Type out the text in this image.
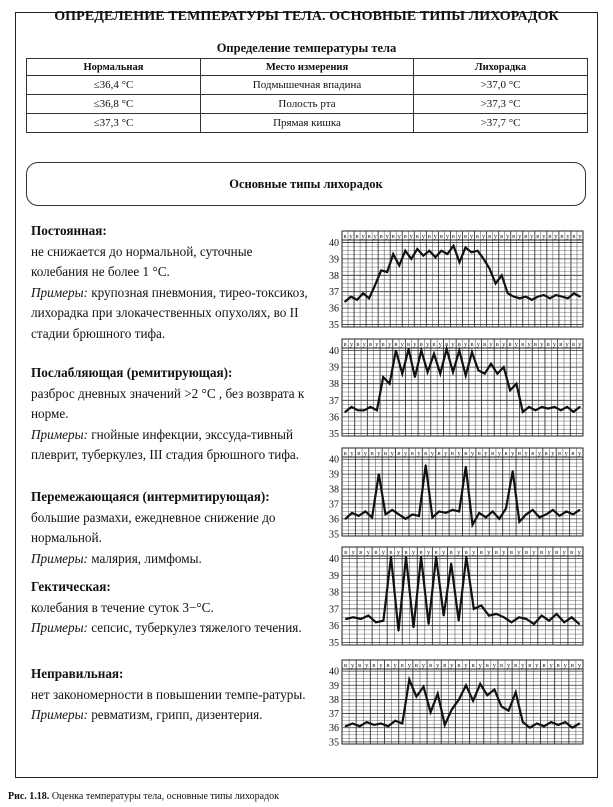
ОПРЕДЕЛЕНИЕ ТЕМПЕРАТУРЫ ТЕЛА. ОСНОВНЫЕ ТИПЫ ЛИХОРАДОК
Определение температуры тела
Нормальная	Место измерения	Лихорадка
≤36,4 °C	Подмышечная впадина	>37,0 °C
≤36,8 °C	Полость рта	>37,3 °C
≤37,3 °C	Прямая кишка	>37,7 °C
Основные типы лихорадок
Постоянная:
не снижается до нормальной, суточные колебания не более 1 °C.
Примеры: крупозная пневмония, тирео-токсикоз, лихорадка при злокачественных опухолях, во II стадии брюшного тифа.
Послабляющая (ремитирующая):
разброс дневных значений >2 °C , без возврата к норме.
Примеры: гнойные инфекции, экссуда-тивный плеврит, туберкулез, III стадия брюшного тифа.
Перемежающаяся (интермитирующая):
большие размахи, ежедневное снижение до нормальной.
Примеры: малярия, лимфомы.
Гектическая:
колебания в течение суток 3−°C.
Примеры: сепсис, туберкулез тяжелого течения.
Неправильная:
нет закономерности в повышении темпе-ратуры.
Примеры: ревматизм, грипп, дизентерия.
в у в у в у в у в у в у в у в у в у в у в у в у в у в у в у в у в у в у в у в у
35
36
37
38
39
40
в у в у в у в у в у в у в у в у в у в у в у в у в у в у в у в у в у в у в у
35
36
37
38
39
40
в у в у в у в у в у в у в у в у в у в у в у в у в у в у в у в у в у в у
35
36
37
38
39
40
в у в у в у в у в у в у в у в у в у в у в у в у в у в у в у в у
35
36
37
38
39
40
в у в у в у в у в у в у в у в у в у в у в у в у в у в у в у в у в у
35
36
37
38
39
40
Рис. 1.18. Оценка температуры тела, основные типы лихорадок
